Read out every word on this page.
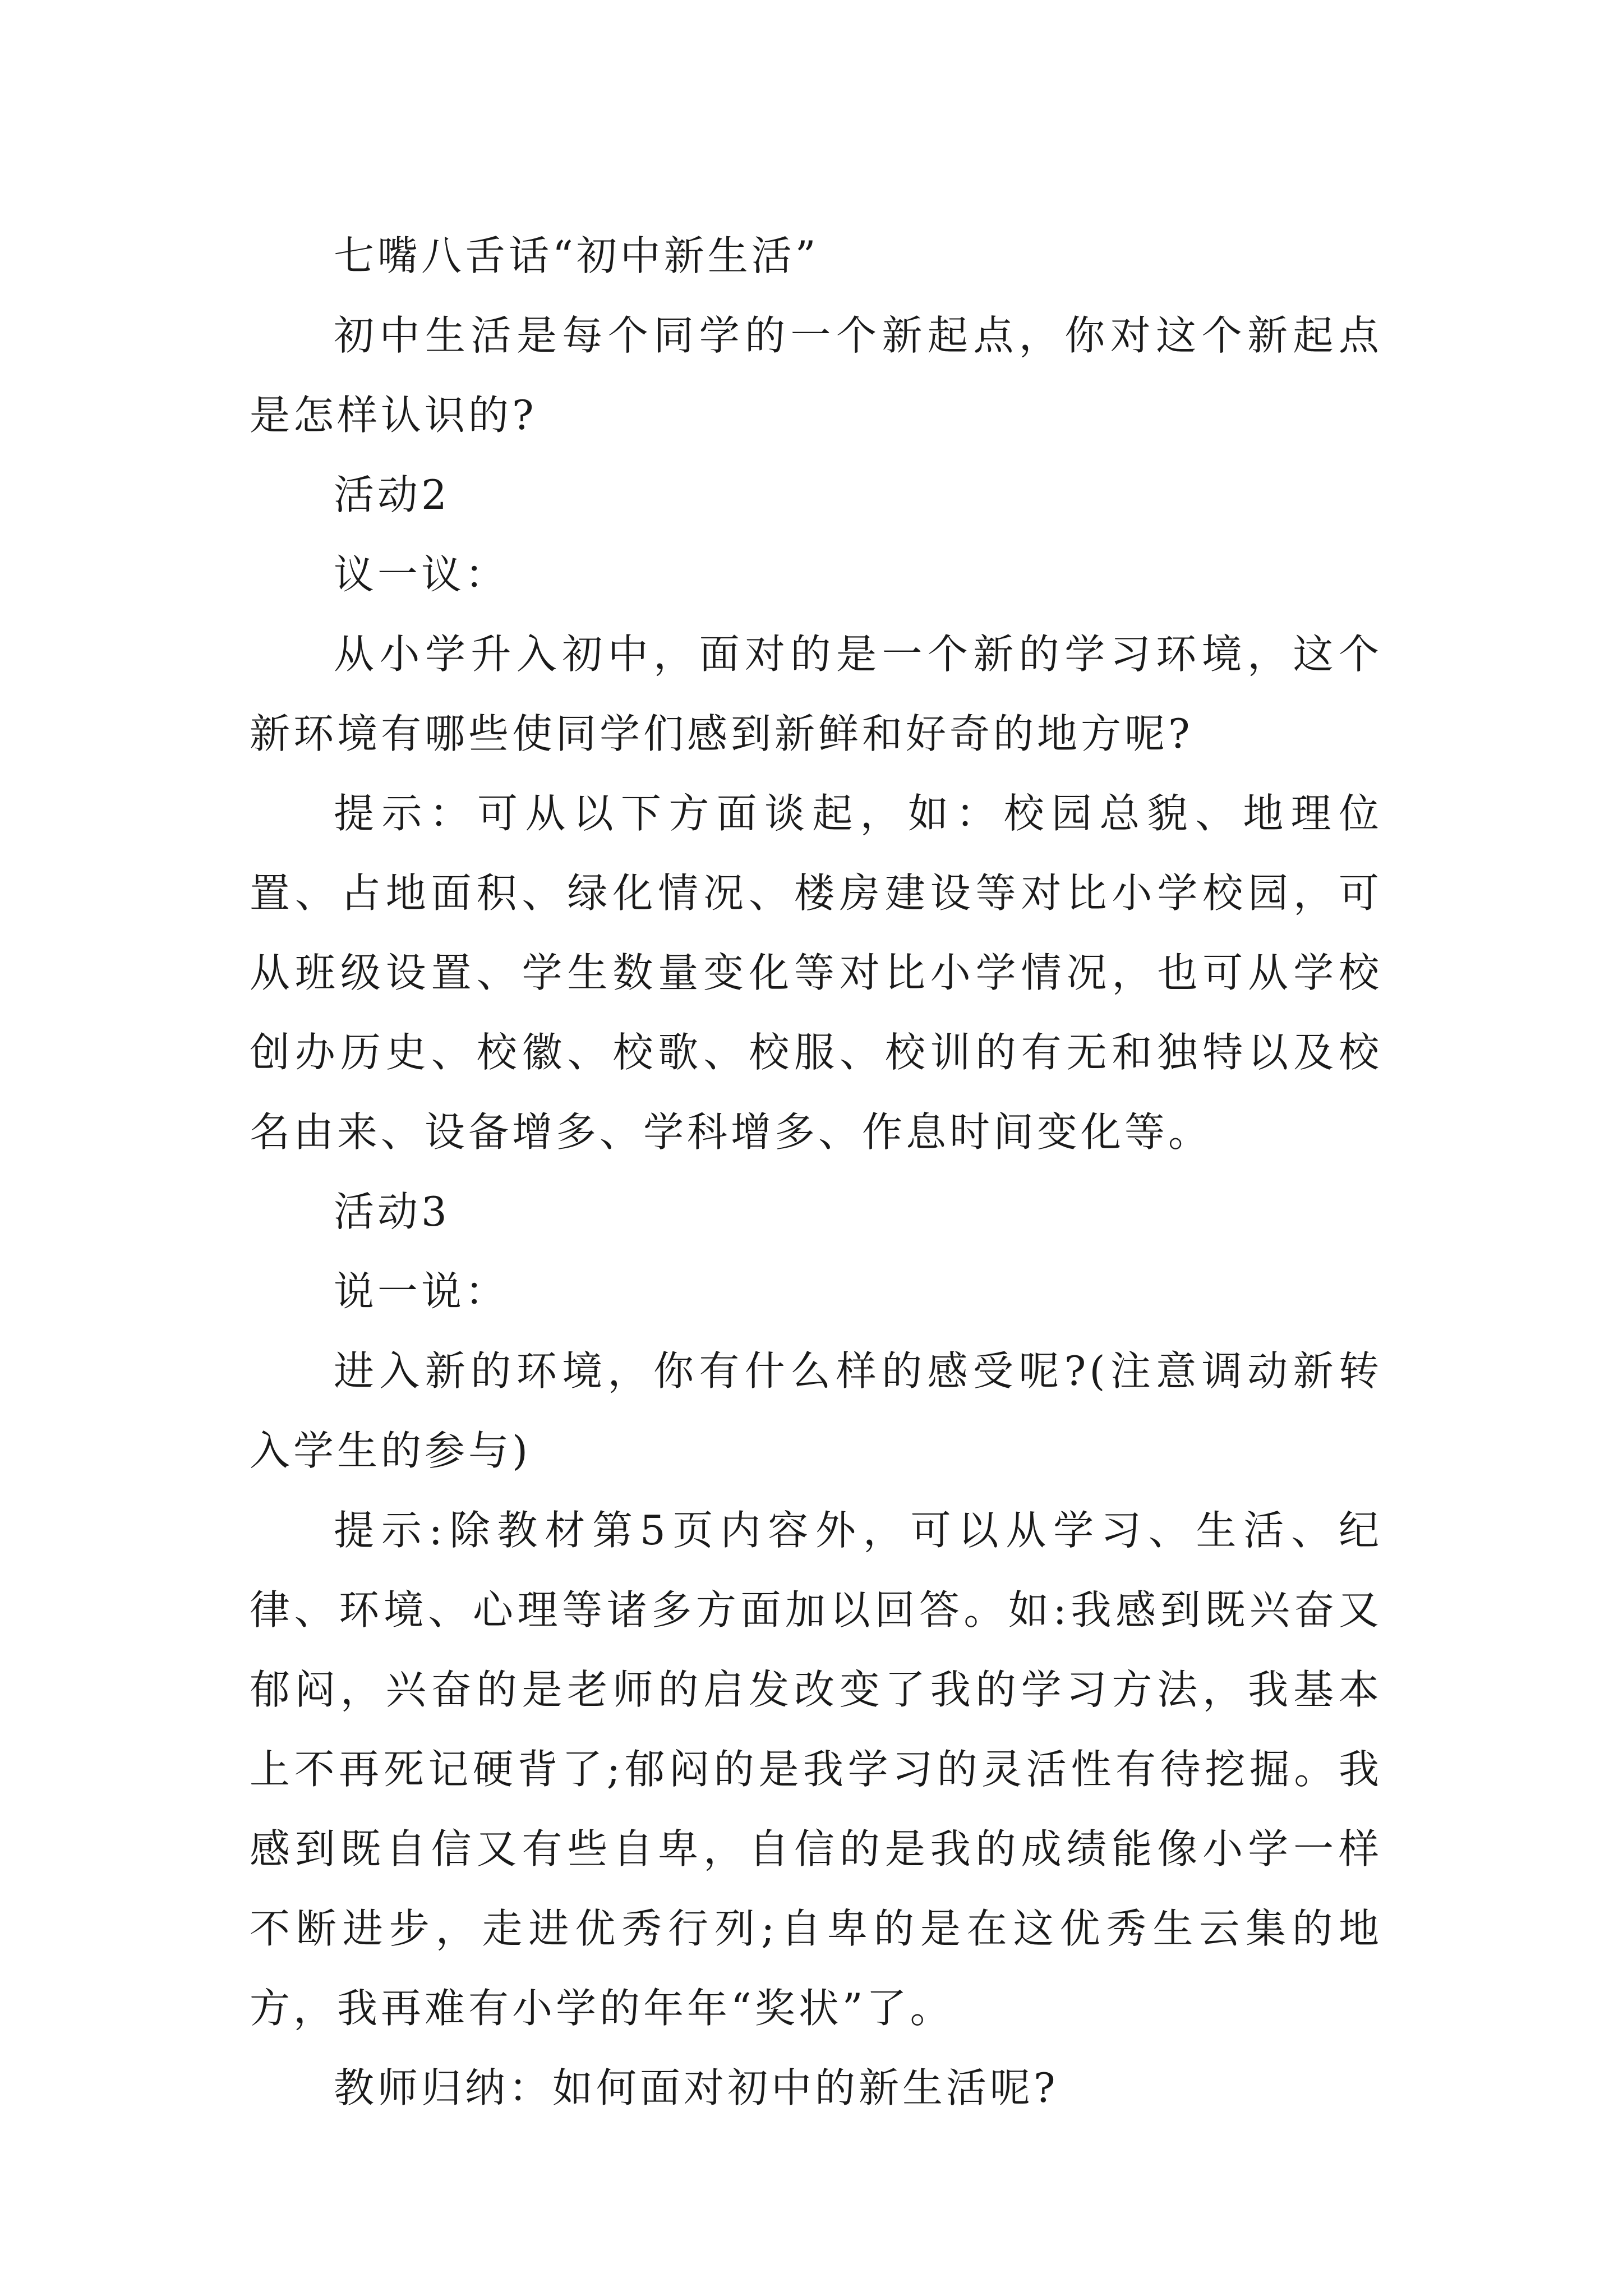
七嘴八舌话“初中新生活”

初中生活是每个同学的一个新起点，你对这个新起点是怎样认识的?

活动2

议一议：

从小学升入初中，面对的是一个新的学习环境，这个新环境有哪些使同学们感到新鲜和好奇的地方呢?

提示：可从以下方面谈起，如：校园总貌、地理位置、占地面积、绿化情况、楼房建设等对比小学校园，可从班级设置、学生数量变化等对比小学情况，也可从学校创办历史、校徽、校歌、校服、校训的有无和独特以及校名由来、设备增多、学科增多、作息时间变化等。

活动3

说一说：

进入新的环境，你有什么样的感受呢?(注意调动新转入学生的参与)

提示:除教材第5页内容外，可以从学习、生活、纪律、环境、心理等诸多方面加以回答。如:我感到既兴奋又郁闷，兴奋的是老师的启发改变了我的学习方法，我基本上不再死记硬背了;郁闷的是我学习的灵活性有待挖掘。我感到既自信又有些自卑，自信的是我的成绩能像小学一样不断进步，走进优秀行列;自卑的是在这优秀生云集的地方，我再难有小学的年年“奖状”了。

教师归纳：如何面对初中的新生活呢?
